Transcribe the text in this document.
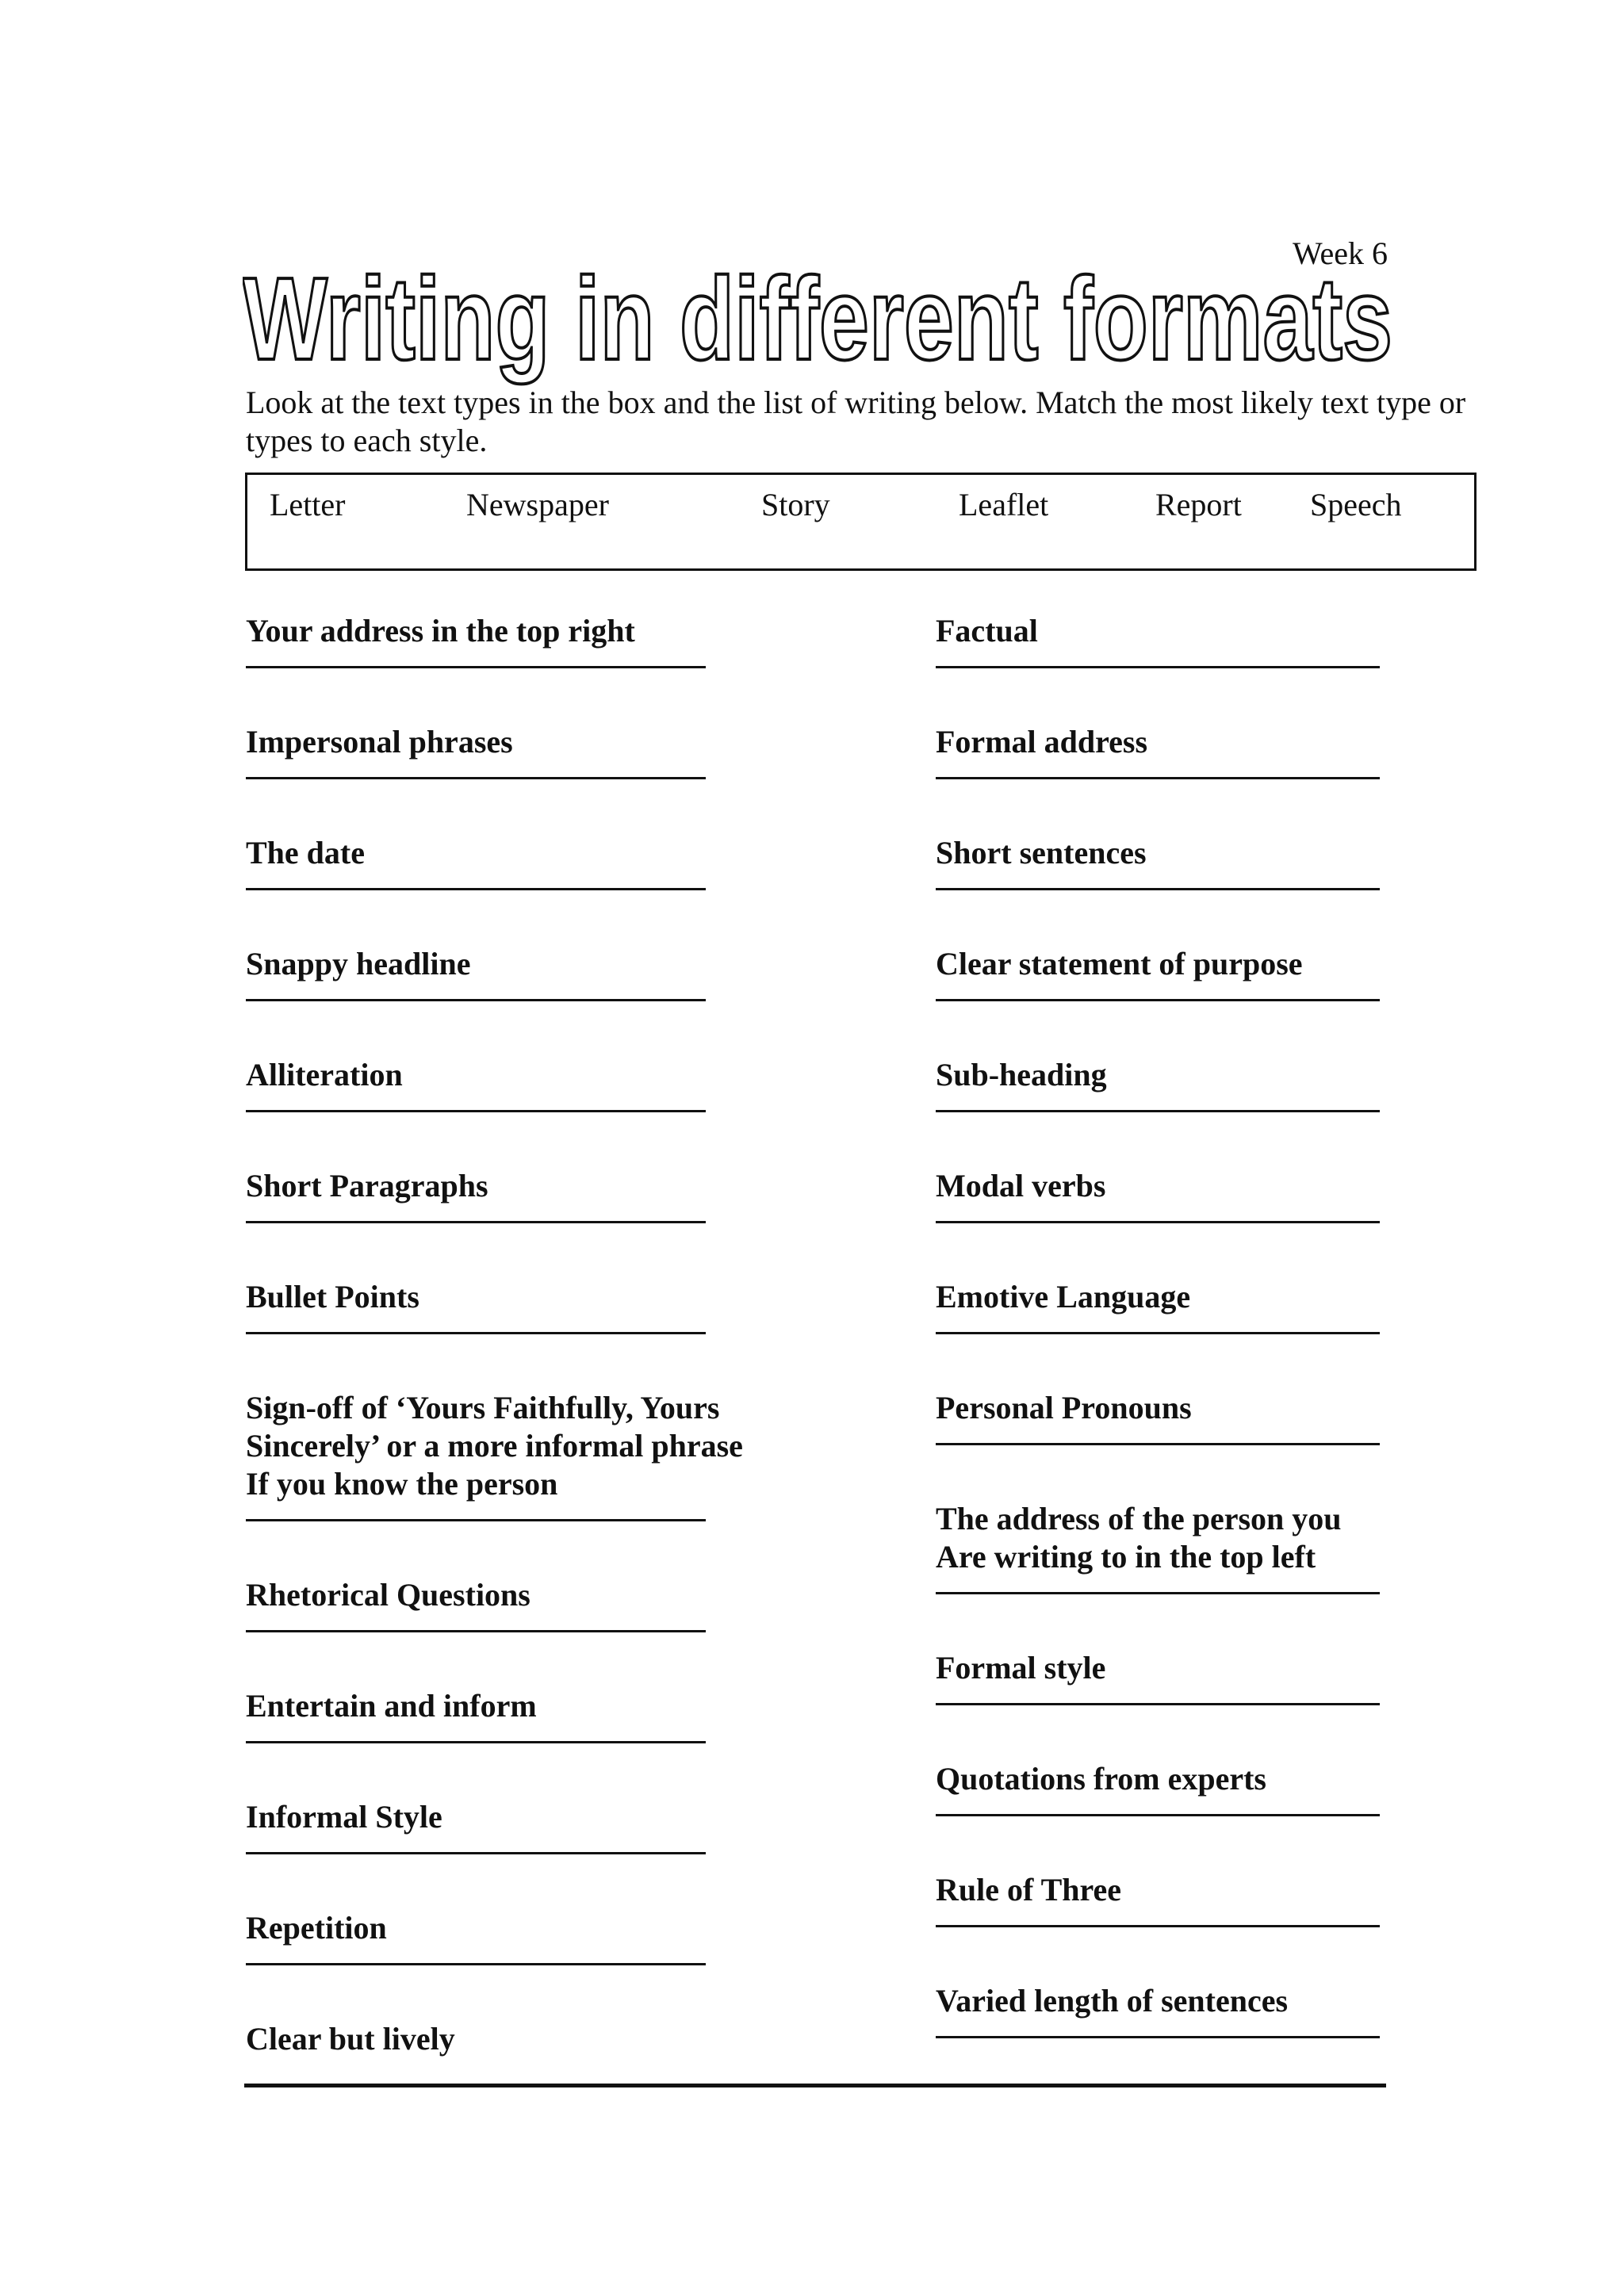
Week 6
Writing in different formats
Look at the text types in the box and the list of writing below. Match the most likely text type or types to each style.
Letter	Newspaper	Story	Leaflet	Report Speech
Your address in the top right
Impersonal phrases
The date
Snappy headline
Alliteration
Short Paragraphs
Bullet Points
Sign-off of ‘Yours Faithfully, Yours
Sincerely’ or a more informal phrase
If you know the person
Rhetorical Questions
Entertain and inform
Informal Style
Repetition
Clear but lively
Factual
Formal address
Short sentences
Clear statement of purpose
Sub-heading
Modal verbs
Emotive Language
Personal Pronouns
The address of the person you
Are writing to in the top left
Formal style
Quotations from experts
Rule of Three
Varied length of sentences
